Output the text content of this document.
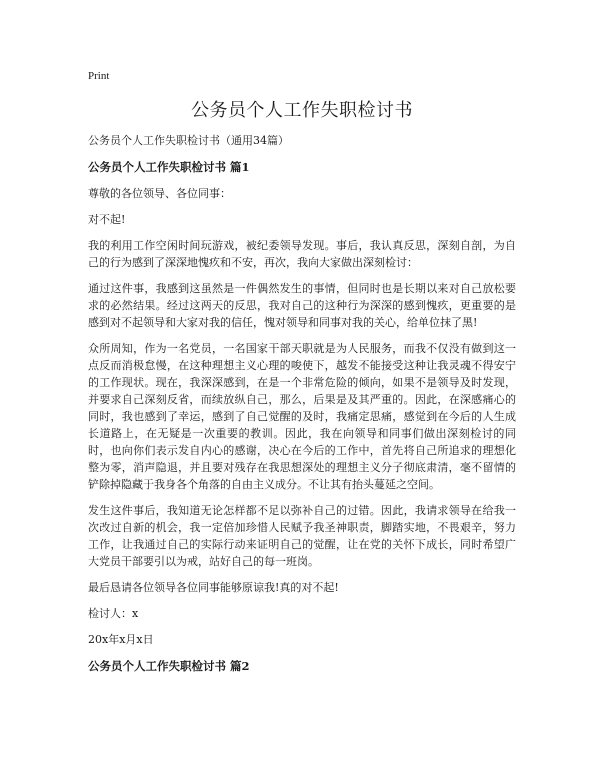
Print
公务员个人工作失职检讨书
公务员个人工作失职检讨书（通用34篇）
公务员个人工作失职检讨书 篇1
尊敬的各位领导、各位同事：
对不起!
我的利用工作空闲时间玩游戏，被纪委领导发现。事后，我认真反思，深刻自剖，为自己的行为感到了深深地愧疚和不安，再次，我向大家做出深刻检讨：
通过这件事，我感到这虽然是一件偶然发生的事情，但同时也是长期以来对自己放松要求的必然结果。经过这两天的反思，我对自己的这种行为深深的感到愧疚，更重要的是感到对不起领导和大家对我的信任，愧对领导和同事对我的关心，给单位抹了黑!
众所周知，作为一名党员，一名国家干部天职就是为人民服务，而我不仅没有做到这一点反而消极怠慢，在这种理想主义心理的唆使下，越发不能接受这种让我灵魂不得安宁的工作现状。现在，我深深感到，在是一个非常危险的倾向，如果不是领导及时发现，并要求自己深刻反省，而续放纵自己，那么，后果是及其严重的。因此，在深感痛心的同时，我也感到了幸运，感到了自己觉醒的及时，我痛定思痛，感觉到在今后的人生成长道路上，在无疑是一次重要的教训。因此，我在向领导和同事们做出深刻检讨的同时，也向你们表示发自内心的感谢，决心在今后的工作中，首先将自己所追求的理想化整为零，消声隐退，并且要对残存在我思想深处的理想主义分子彻底肃清，毫不留情的铲除掉隐藏于我身各个角落的自由主义成分。不让其有抬头蔓延之空间。
发生这件事后，我知道无论怎样都不足以弥补自己的过错。因此，我请求领导在给我一次改过自新的机会，我一定倍加珍惜人民赋予我圣神职责，脚踏实地，不畏艰辛，努力工作，让我通过自己的实际行动来证明自己的觉醒，让在党的关怀下成长，同时希望广大党员干部要引以为戒，站好自己的每一班岗。
最后恳请各位领导各位同事能够原谅我!真的对不起!
检讨人：x
20x年x月x日
公务员个人工作失职检讨书 篇2
